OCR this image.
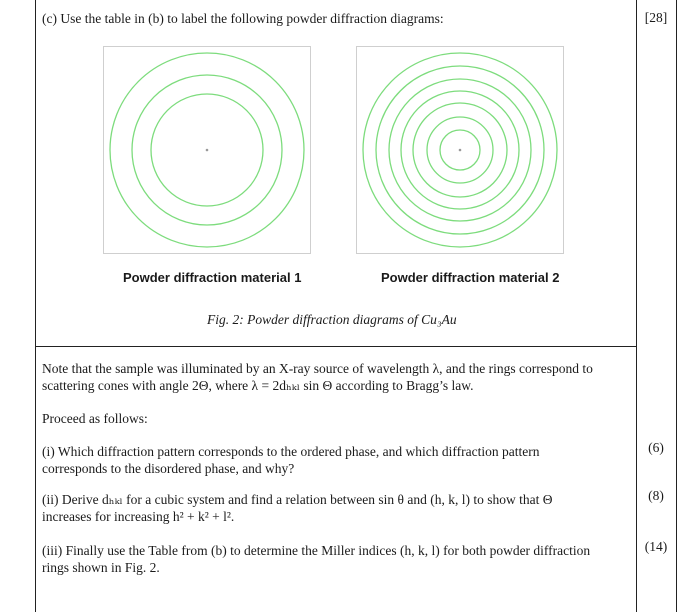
(c) Use the table in (b) to label the following powder diffraction diagrams:	[28]
Powder diffraction material 1	Powder diffraction material 2
Fig. 2: Powder diffraction diagrams of Cu₃Au
Note that the sample was illuminated by an X-ray source of wavelength λ, and the rings correspond to
scattering cones with angle 2Θ, where λ = 2dₕₖₗ sin Θ according to Bragg’s law.
Proceed as follows:
(i) Which diffraction pattern corresponds to the ordered phase, and which diffraction pattern
corresponds to the disordered phase, and why?
(6)
(ii) Derive dₕₖₗ for a cubic system and find a relation between sin θ and (h, k, l) to show that Θ
increases for increasing h² + k² + l².
(8)
(iii) Finally use the Table from (b) to determine the Miller indices (h, k, l) for both powder diffraction
rings shown in Fig. 2.
(14)
